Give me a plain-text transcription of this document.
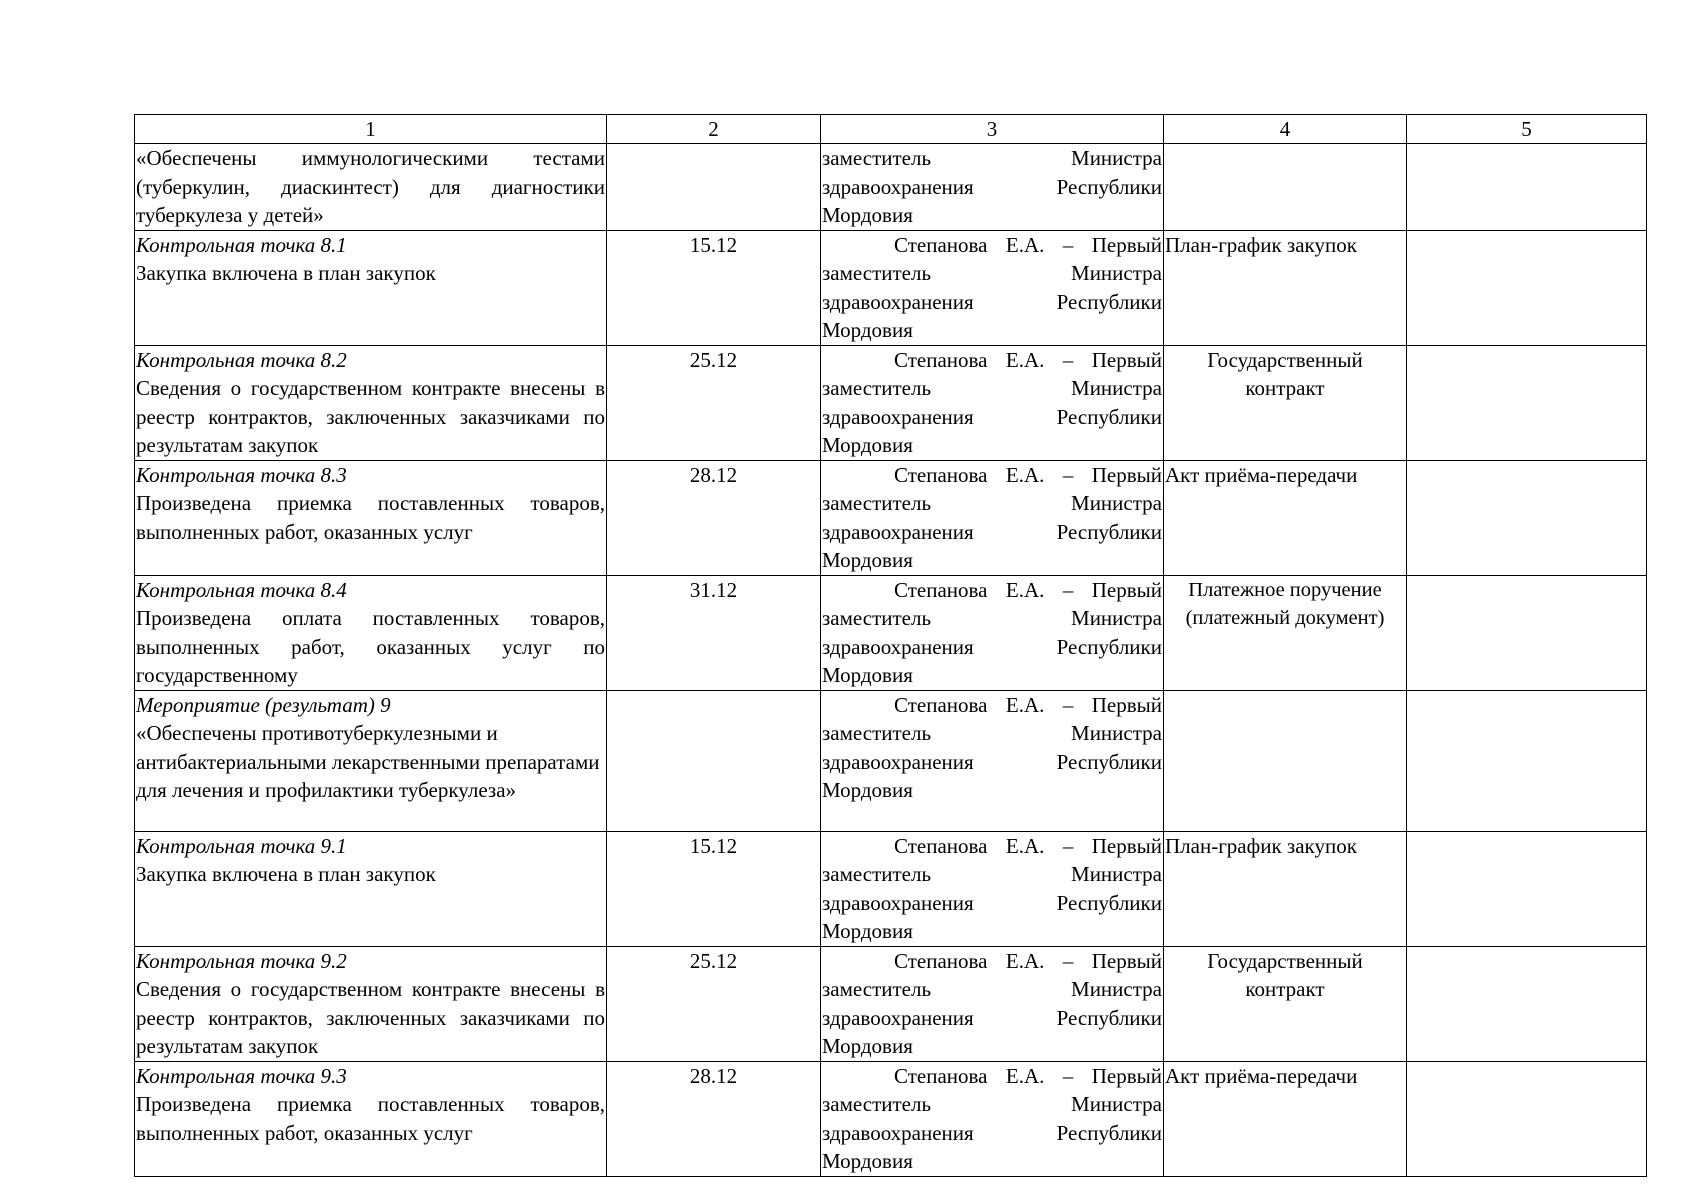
1	2	3	4	5

«Обеспечены иммунологическими тестами (туберкулин, диаскинтест) для диагностики туберкулеза у детей»		заместитель Министра
здравоохранения Республики
Мордовия		

Контрольная точка 8.1
Закупка включена в план закупок	15.12	Степанова Е.А. – Первый
заместитель Министра
здравоохранения Республики
Мордовия	План-график закупок	

Контрольная точка 8.2
Сведения о государственном контракте внесены в реестр контрактов, заключенных заказчиками по результатам закупок	25.12	Степанова Е.А. – Первый
заместитель Министра
здравоохранения Республики
Мордовия	Государственный контракт	

Контрольная точка 8.3
Произведена приемка поставленных товаров, выполненных работ, оказанных услуг	28.12	Степанова Е.А. – Первый
заместитель Министра
здравоохранения Республики
Мордовия	Акт приёма-передачи	

Контрольная точка 8.4
Произведена оплата поставленных товаров, выполненных работ, оказанных услуг по государственному	31.12	Степанова Е.А. – Первый
заместитель Министра
здравоохранения Республики
Мордовия	Платежное поручение (платежный документ)	

Мероприятие (результат) 9
«Обеспечены противотуберкулезными и антибактериальными лекарственными препаратами для лечения и профилактики туберкулеза»		Степанова Е.А. – Первый
заместитель Министра
здравоохранения Республики
Мордовия		

Контрольная точка 9.1
Закупка включена в план закупок	15.12	Степанова Е.А. – Первый
заместитель Министра
здравоохранения Республики
Мордовия	План-график закупок	

Контрольная точка 9.2
Сведения о государственном контракте внесены в реестр контрактов, заключенных заказчиками по результатам закупок	25.12	Степанова Е.А. – Первый
заместитель Министра
здравоохранения Республики
Мордовия	Государственный контракт	

Контрольная точка 9.3
Произведена приемка поставленных товаров, выполненных работ, оказанных услуг	28.12	Степанова Е.А. – Первый
заместитель Министра
здравоохранения Республики
Мордовия	Акт приёма-передачи	
